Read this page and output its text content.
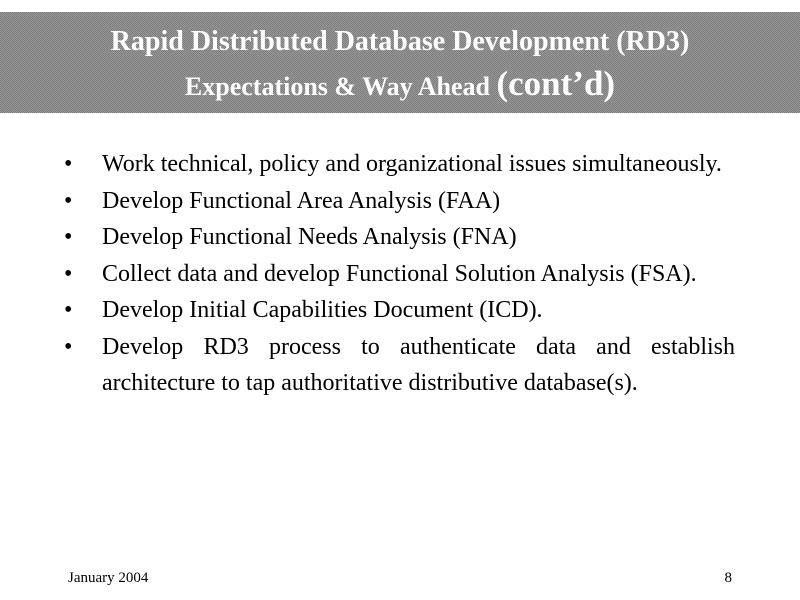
Rapid Distributed Database Development (RD3)
Expectations & Way Ahead (cont’d)
• Work technical, policy and organizational issues simultaneously.
• Develop Functional Area Analysis (FAA)
• Develop Functional Needs Analysis (FNA)
• Collect data and develop Functional Solution Analysis (FSA).
• Develop Initial Capabilities Document (ICD).
• Develop RD3 process to authenticate data and establish architecture to tap authoritative distributive database(s).
January 2004	8
